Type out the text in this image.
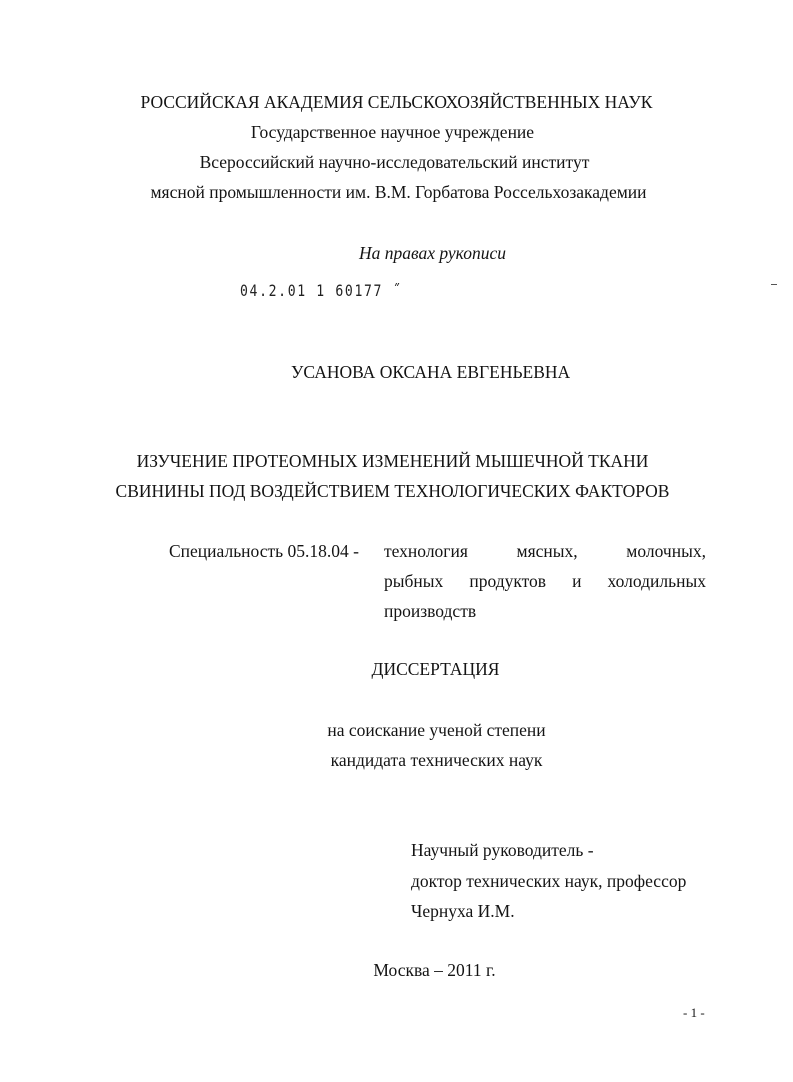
РОССИЙСКАЯ АКАДЕМИЯ СЕЛЬСКОХОЗЯЙСТВЕННЫХ НАУК
Государственное научное учреждение
Всероссийский научно-исследовательский институт
мясной промышленности им. В.М. Горбатова Россельхозакадемии
На правах рукописи
04.2.01 1 60177 ˝
УСАНОВА ОКСАНА ЕВГЕНЬЕВНА
ИЗУЧЕНИЕ ПРОТЕОМНЫХ ИЗМЕНЕНИЙ МЫШЕЧНОЙ ТКАНИ
СВИНИНЫ ПОД ВОЗДЕЙСТВИЕМ ТЕХНОЛОГИЧЕСКИХ ФАКТОРОВ
Специальность 05.18.04 - технология	мясных,	молочных,
рыбных продуктов и холодильных
производств
ДИССЕРТАЦИЯ
на соискание ученой степени
кандидата технических наук
Научный руководитель -
доктор технических наук, профессор
Чернуха И.М.
Москва – 2011 г.
- 1 -
